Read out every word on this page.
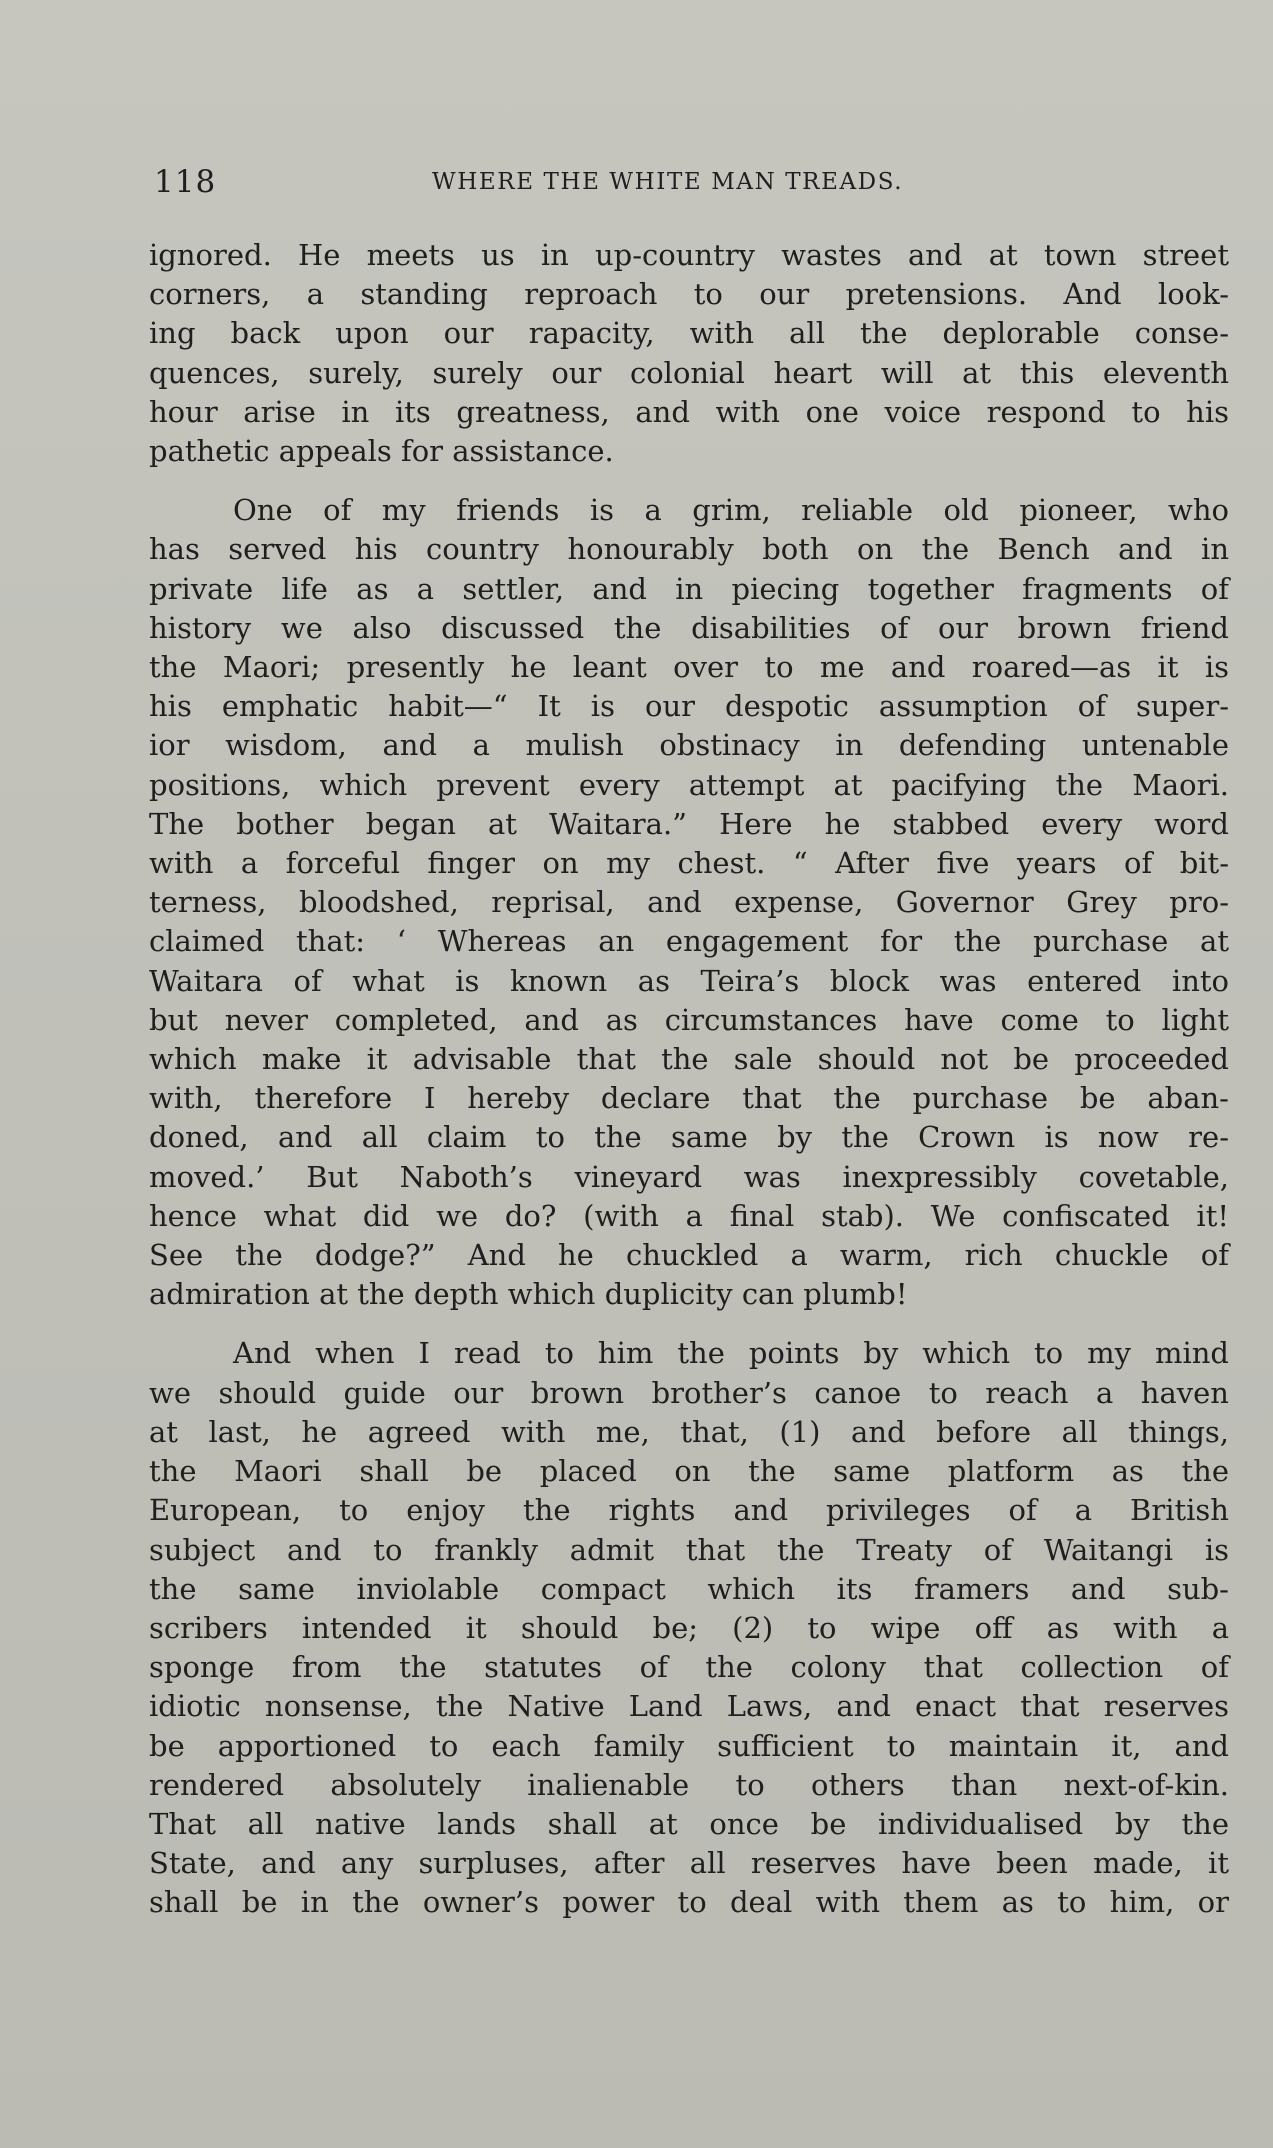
118	WHERE THE WHITE MAN TREADS.

ignored. He meets us in up-country wastes and at town street
corners, a standing reproach to our pretensions. And look-
ing back upon our rapacity, with all the deplorable conse-
quences, surely, surely our colonial heart will at this eleventh
hour arise in its greatness, and with one voice respond to his
pathetic appeals for assistance.

One of my friends is a grim, reliable old pioneer, who
has served his country honourably both on the Bench and in
private life as a settler, and in piecing together fragments of
history we also discussed the disabilities of our brown friend
the Maori; presently he leant over to me and roared—as it is
his emphatic habit—“ It is our despotic assumption of super-
ior wisdom, and a mulish obstinacy in defending untenable
positions, which prevent every attempt at pacifying the Maori.
The bother began at Waitara.” Here he stabbed every word
with a forceful finger on my chest. “ After five years of bit-
terness, bloodshed, reprisal, and expense, Governor Grey pro-
claimed that: ‘ Whereas an engagement for the purchase at
Waitara of what is known as Teira’s block was entered into
but never completed, and as circumstances have come to light
which make it advisable that the sale should not be proceeded
with, therefore I hereby declare that the purchase be aban-
doned, and all claim to the same by the Crown is now re-
moved.’ But Naboth’s vineyard was inexpressibly covetable,
hence what did we do? (with a final stab). We confiscated it!
See the dodge?” And he chuckled a warm, rich chuckle of
admiration at the depth which duplicity can plumb!

And when I read to him the points by which to my mind
we should guide our brown brother’s canoe to reach a haven
at last, he agreed with me, that, (1) and before all things,
the Maori shall be placed on the same platform as the
European, to enjoy the rights and privileges of a British
subject and to frankly admit that the Treaty of Waitangi is
the same inviolable compact which its framers and sub-
scribers intended it should be; (2) to wipe off as with a
sponge from the statutes of the colony that collection of
idiotic nonsense, the Native Land Laws, and enact that reserves
be apportioned to each family sufficient to maintain it, and
rendered absolutely inalienable to others than next-of-kin.
That all native lands shall at once be individualised by the
State, and any surpluses, after all reserves have been made, it
shall be in the owner’s power to deal with them as to him, or
